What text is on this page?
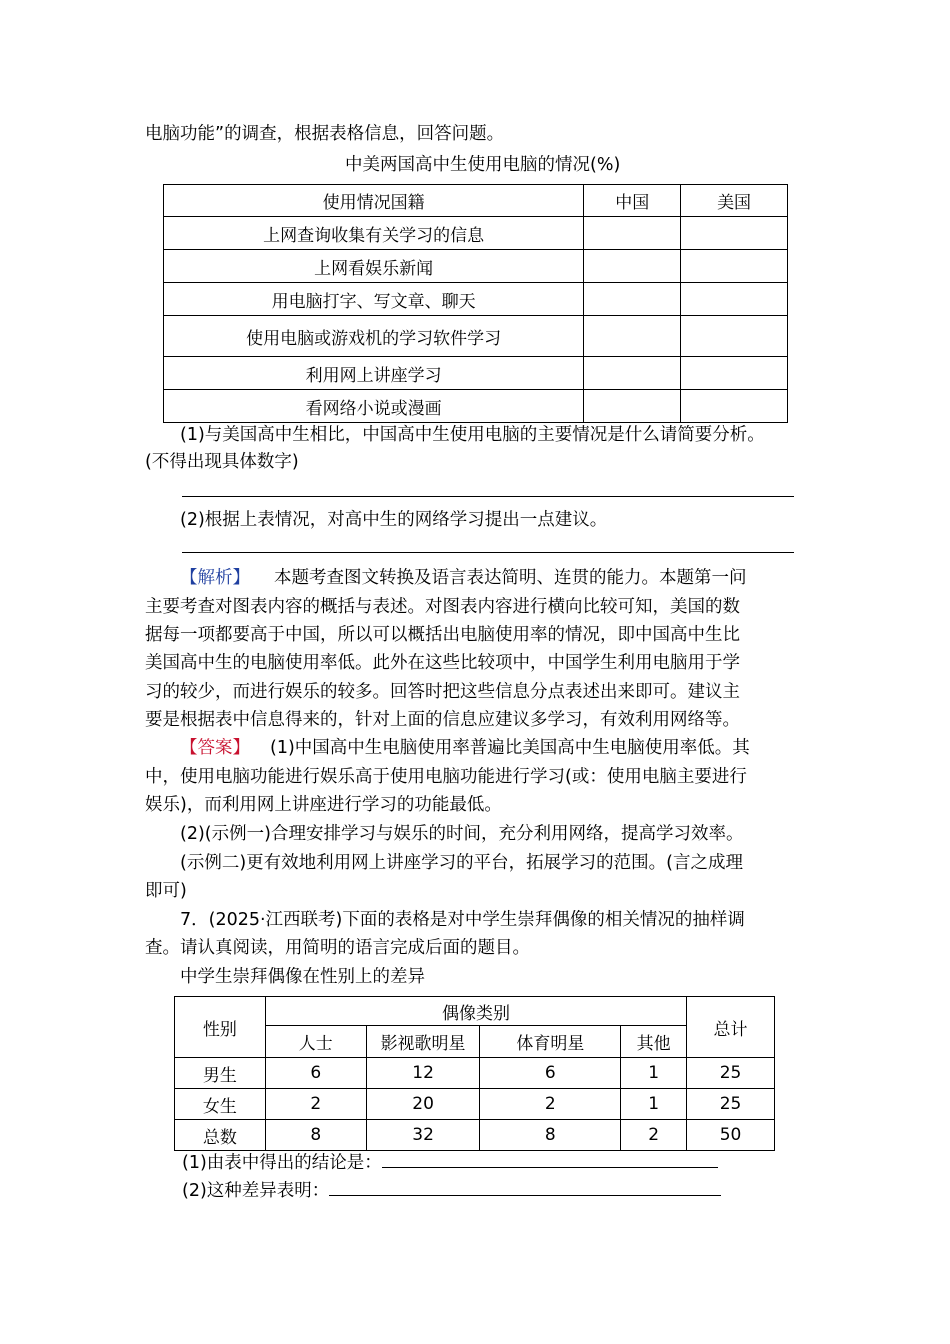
电脑功能”的调查，根据表格信息，回答问题。
中美两国高中生使用电脑的情况(%)
使用情况国籍	中国	美国
上网查询收集有关学习的信息		
上网看娱乐新闻		
用电脑打字、写文章、聊天		
使用电脑或游戏机的学习软件学习		
利用网上讲座学习		
看网络小说或漫画		
(1)与美国高中生相比，中国高中生使用电脑的主要情况是什么请简要分析。
(不得出现具体数字)
(2)根据上表情况，对高中生的网络学习提出一点建议。
【解析】 本题考查图文转换及语言表达简明、连贯的能力。本题第一问
主要考查对图表内容的概括与表述。对图表内容进行横向比较可知，美国的数
据每一项都要高于中国，所以可以概括出电脑使用率的情况，即中国高中生比
美国高中生的电脑使用率低。此外在这些比较项中，中国学生利用电脑用于学
习的较少，而进行娱乐的较多。回答时把这些信息分点表述出来即可。建议主
要是根据表中信息得来的，针对上面的信息应建议多学习，有效利用网络等。
【答案】 (1)中国高中生电脑使用率普遍比美国高中生电脑使用率低。其
中，使用电脑功能进行娱乐高于使用电脑功能进行学习(或：使用电脑主要进行
娱乐)，而利用网上讲座进行学习的功能最低。
(2)(示例一)合理安排学习与娱乐的时间，充分利用网络，提高学习效率。
(示例二)更有效地利用网上讲座学习的平台，拓展学习的范围。(言之成理
即可)
7．(2025·江西联考)下面的表格是对中学生崇拜偶像的相关情况的抽样调
查。请认真阅读，用简明的语言完成后面的题目。
中学生崇拜偶像在性别上的差异
性别	偶像类别				总计
	人士	影视歌明星	体育明星	其他	
男生	6	12	6	1	25
女生	2	20	2	1	25
总数	8	32	8	2	50
(1)由表中得出的结论是：
(2)这种差异表明：
